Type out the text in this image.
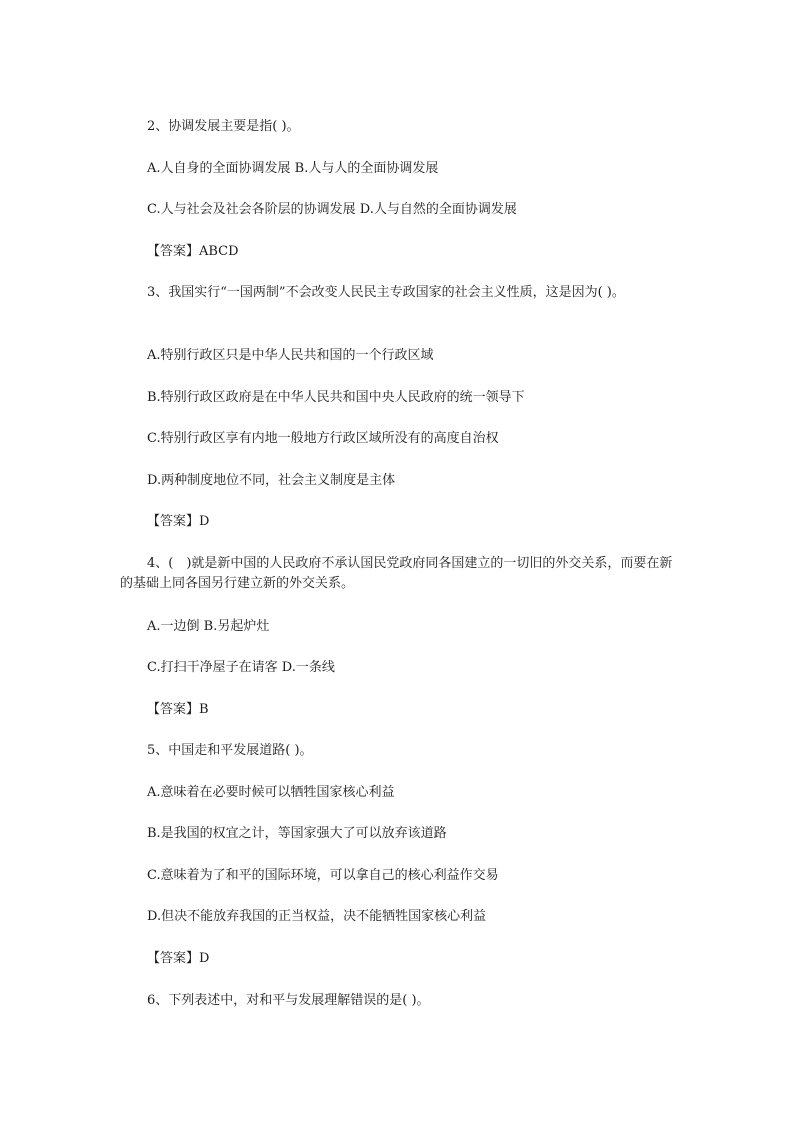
2、协调发展主要是指( )。
A.人自身的全面协调发展 B.人与人的全面协调发展
C.人与社会及社会各阶层的协调发展 D.人与自然的全面协调发展
【答案】ABCD
3、我国实行“一国两制”不会改变人民民主专政国家的社会主义性质，这是因为( )。
A.特别行政区只是中华人民共和国的一个行政区域
B.特别行政区政府是在中华人民共和国中央人民政府的统一领导下
C.特别行政区享有内地一般地方行政区域所没有的高度自治权
D.两种制度地位不同，社会主义制度是主体
【答案】D
4、(　)就是新中国的人民政府不承认国民党政府同各国建立的一切旧的外交关系，而要在新的基础上同各国另行建立新的外交关系。
A.一边倒 B.另起炉灶
C.打扫干净屋子在请客 D.一条线
【答案】B
5、中国走和平发展道路( )。
A.意味着在必要时候可以牺牲国家核心利益
B.是我国的权宜之计，等国家强大了可以放弃该道路
C.意味着为了和平的国际环境，可以拿自己的核心利益作交易
D.但决不能放弃我国的正当权益，决不能牺牲国家核心利益
【答案】D
6、下列表述中，对和平与发展理解错误的是( )。
